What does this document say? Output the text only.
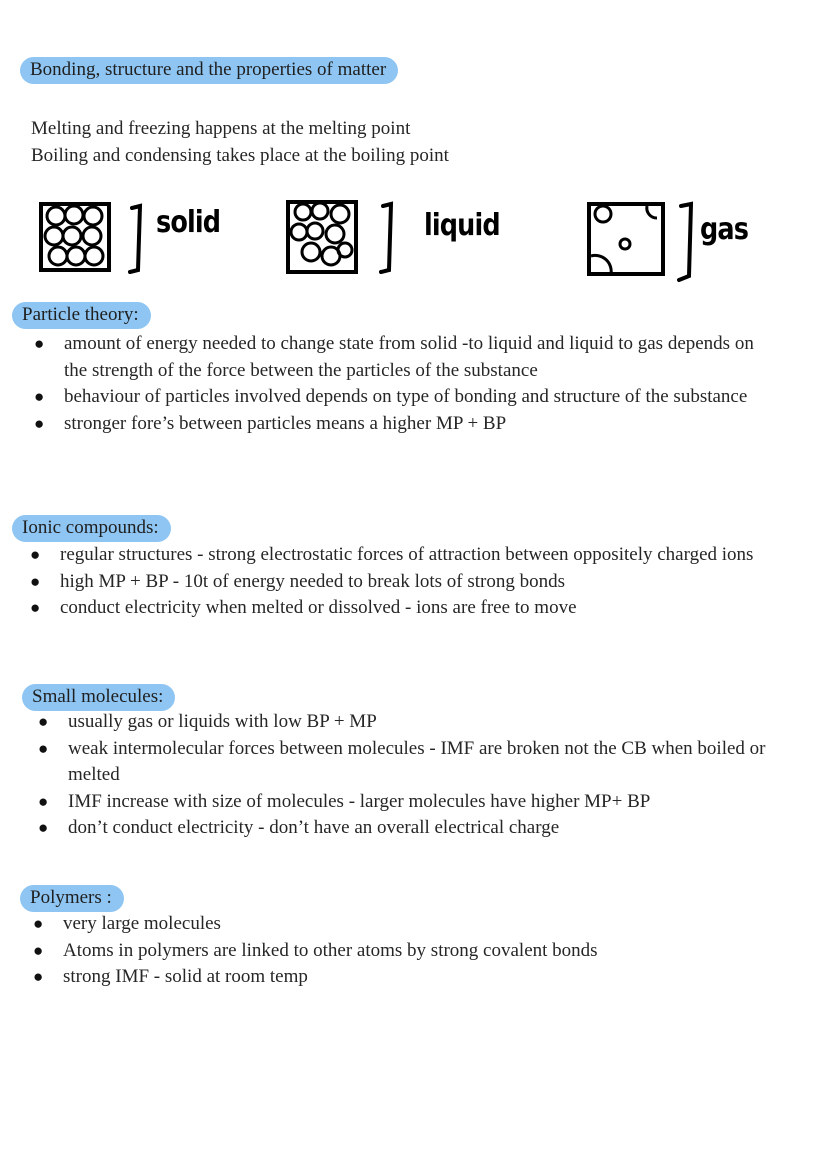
Bonding, structure and the properties of matter
Melting and freezing happens at the melting point
Boiling and condensing takes place at the boiling point
solid	liquid	gas
Particle theory:
● amount of energy needed to change state from solid -to liquid and liquid to gas depends on the strength of the force between the particles of the substance
● behaviour of particles involved depends on type of bonding and structure of the substance
● stronger fore’s between particles means a higher MP + BP
Ionic compounds:
● regular structures - strong electrostatic forces of attraction between oppositely charged ions
● high MP + BP - 10t of energy needed to break lots of strong bonds
● conduct electricity when melted or dissolved - ions are free to move
Small molecules:
● usually gas or liquids with low BP + MP
● weak intermolecular forces between molecules - IMF are broken not the CB when boiled or melted
● IMF increase with size of molecules - larger molecules have higher MP+ BP
● don’t conduct electricity - don’t have an overall electrical charge
Polymers :
● very large molecules
● Atoms in polymers are linked to other atoms by strong covalent bonds
● strong IMF - solid at room temp
